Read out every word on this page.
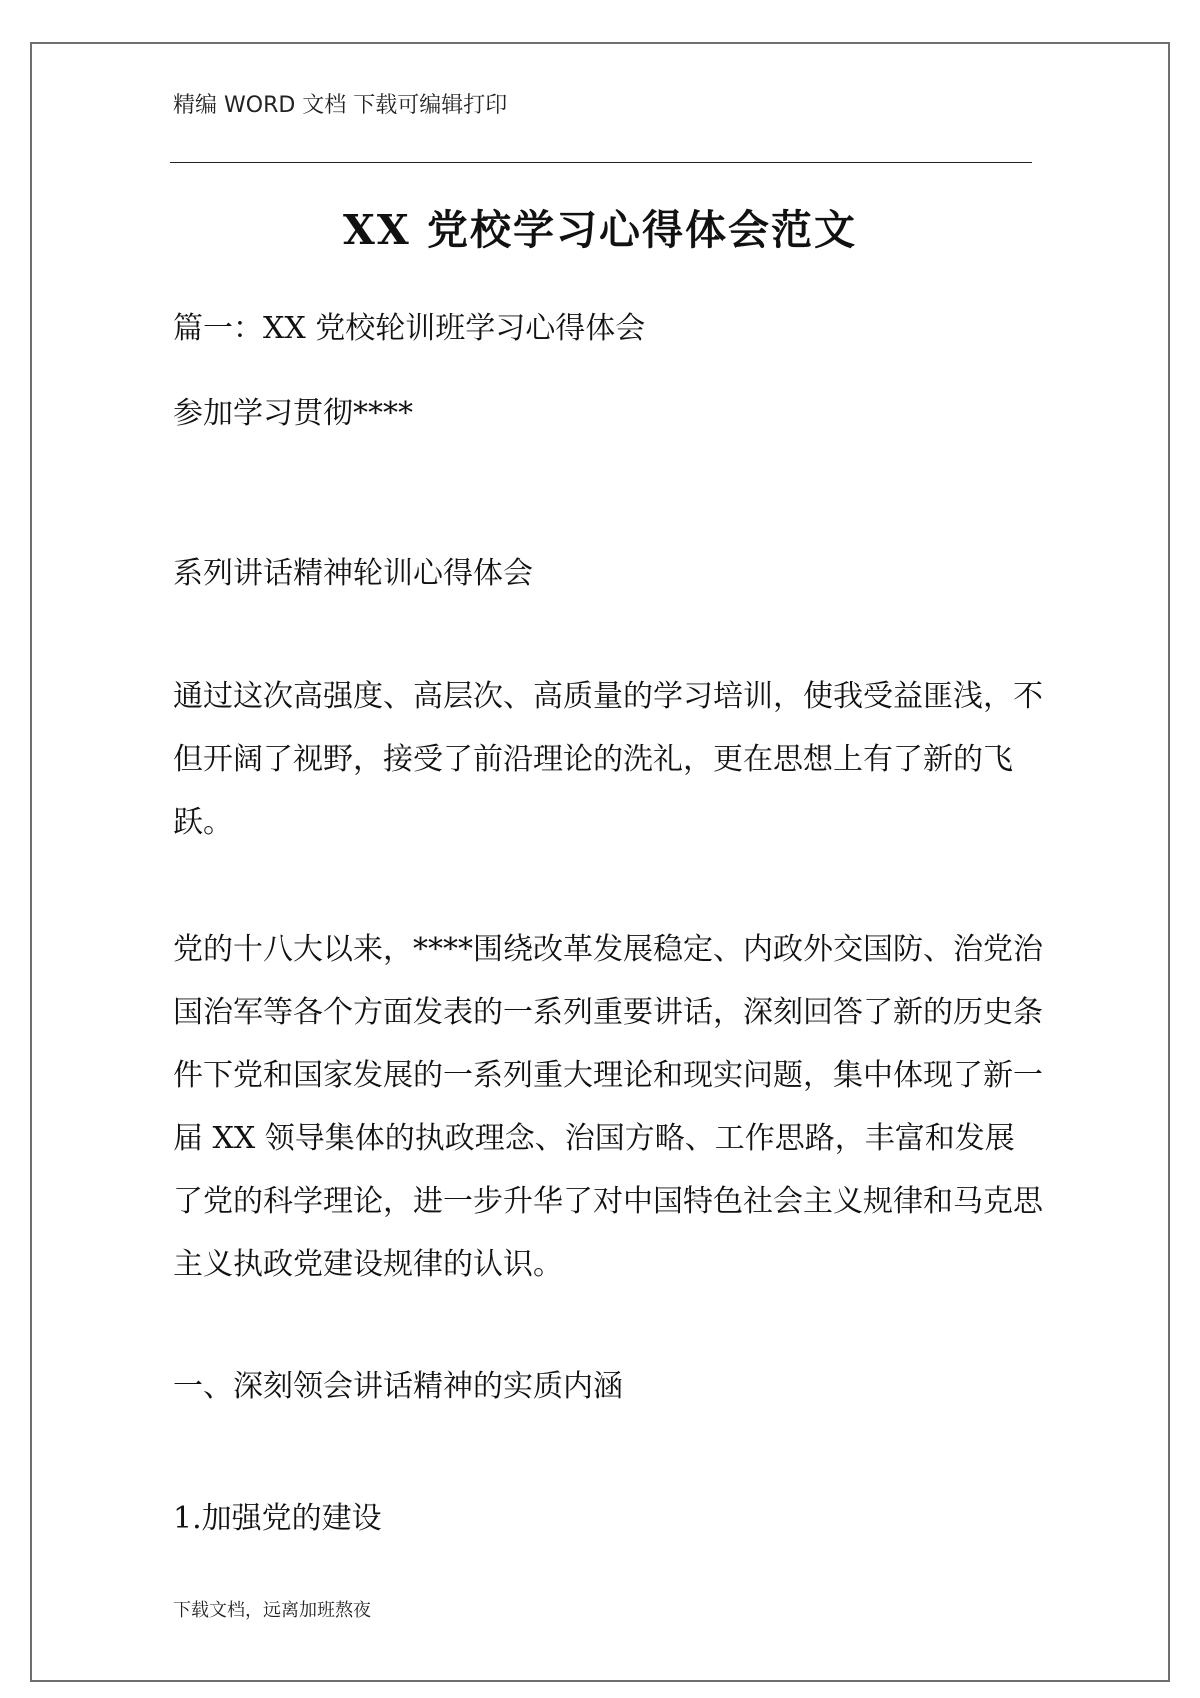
精编 WORD 文档 下载可编辑打印
XX 党校学习心得体会范文

篇一：XX 党校轮训班学习心得体会

参加学习贯彻****

系列讲话精神轮训心得体会

通过这次高强度、高层次、高质量的学习培训，使我受益匪浅，不但开阔了视野，接受了前沿理论的洗礼，更在思想上有了新的飞跃。

党的十八大以来，****围绕改革发展稳定、内政外交国防、治党治国治军等各个方面发表的一系列重要讲话，深刻回答了新的历史条件下党和国家发展的一系列重大理论和现实问题，集中体现了新一届 XX 领导集体的执政理念、治国方略、工作思路，丰富和发展了党的科学理论，进一步升华了对中国特色社会主义规律和马克思主义执政党建设规律的认识。

一、深刻领会讲话精神的实质内涵

1.加强党的建设

下载文档，远离加班熬夜
